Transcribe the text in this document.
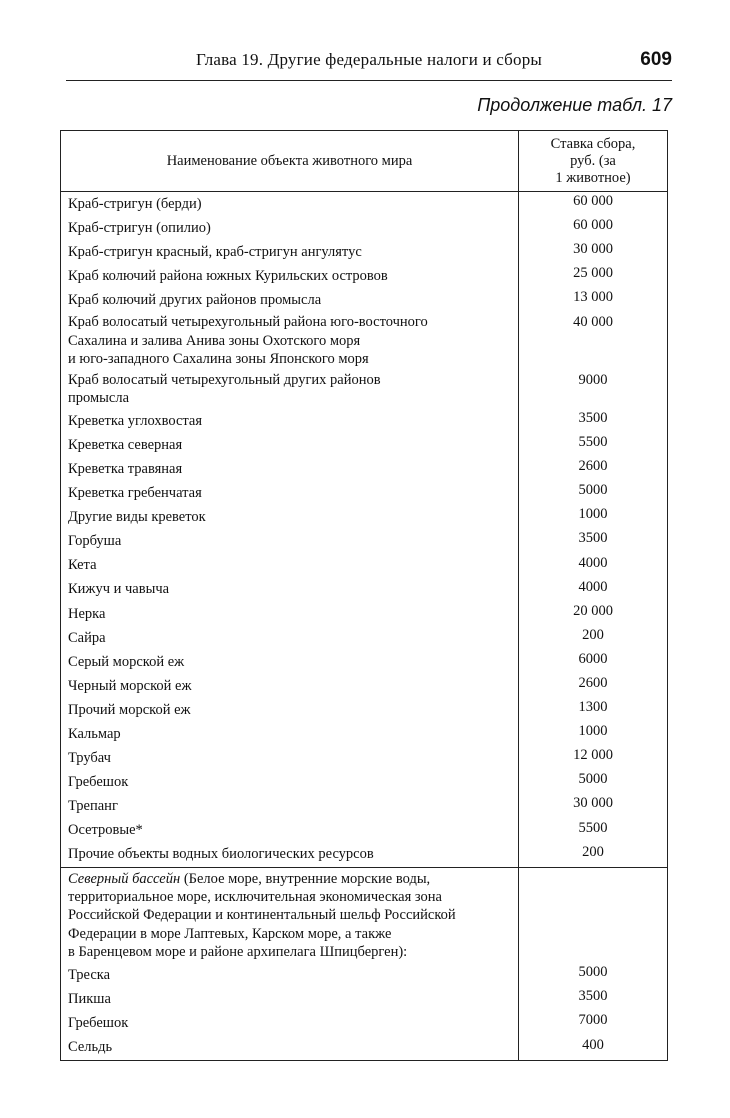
Глава 19. Другие федеральные налоги и сборы	609
Продолжение табл. 17
Наименование объекта животного мира	Ставка сбора,
руб. (за
1 животное)
Краб-стригун (берди)	60 000
Краб-стригун (опилио)	60 000
Краб-стригун красный, краб-стригун ангулятус	30 000
Краб колючий района южных Курильских островов	25 000
Краб колючий других районов промысла	13 000
Краб волосатый четырехугольный района юго-восточного
Сахалина и залива Анива зоны Охотского моря
и юго-западного Сахалина зоны Японского моря	40 000
Краб волосатый четырехугольный других районов
промысла	9000
Креветка углохвостая	3500
Креветка северная	5500
Креветка травяная	2600
Креветка гребенчатая	5000
Другие виды креветок	1000
Горбуша	3500
Кета	4000
Кижуч и чавыча	4000
Нерка	20 000
Сайра	200
Серый морской еж	6000
Черный морской еж	2600
Прочий морской еж	1300
Кальмар	1000
Трубач	12 000
Гребешок	5000
Трепанг	30 000
Осетровые*	5500
Прочие объекты водных биологических ресурсов	200
Северный бассейн (Белое море, внутренние морские воды,
территориальное море, исключительная экономическая зона
Российской Федерации и континентальный шельф Российской
Федерации в море Лаптевых, Карском море, а также
в Баренцевом море и районе архипелага Шпицберген):	
Треска	5000
Пикша	3500
Гребешок	7000
Сельдь	400
